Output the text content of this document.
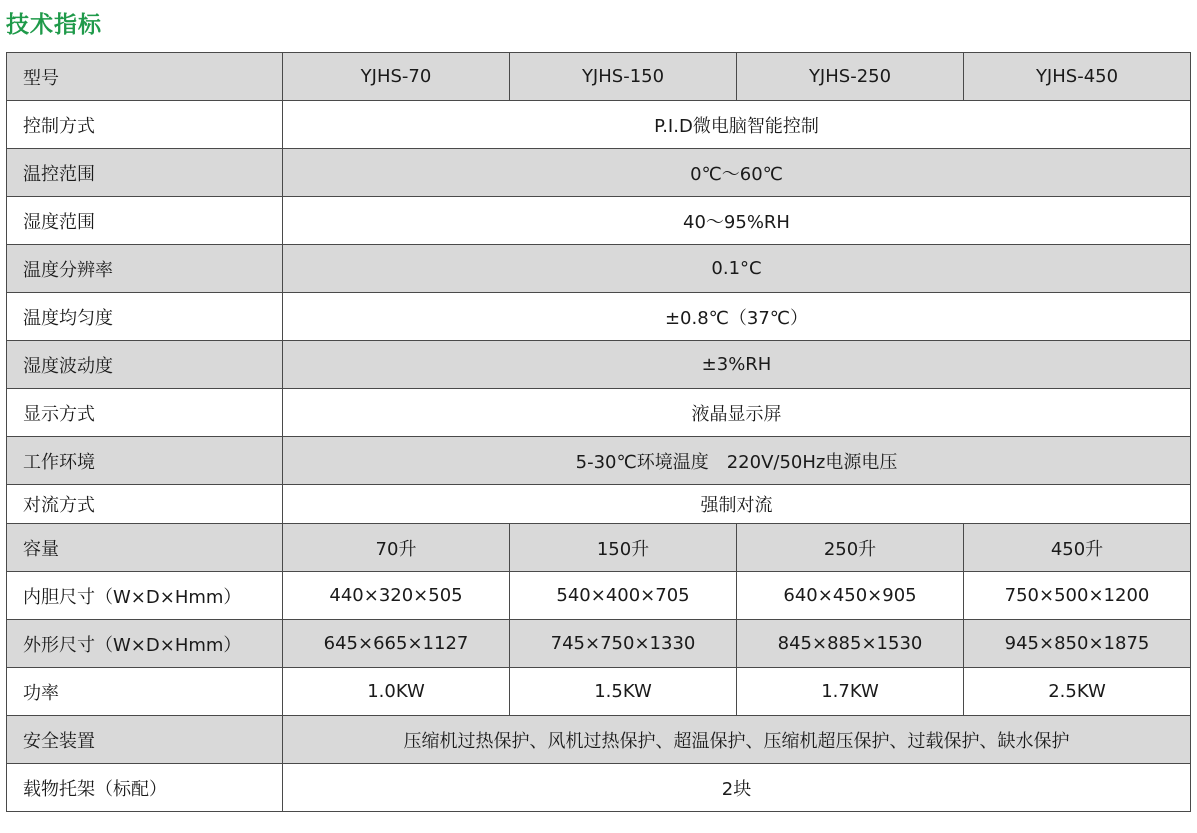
技术指标
型号	YJHS-70	YJHS-150	YJHS-250	YJHS-450
控制方式	P.I.D微电脑智能控制			
温控范围	0℃～60℃			
湿度范围	40～95%RH			
温度分辨率	0.1°C			
温度均匀度	±0.8℃（37℃）			
湿度波动度	±3%RH			
显示方式	液晶显示屏			
工作环境	5-30℃环境温度　220V/50Hz电源电压			
对流方式	强制对流			
容量	70升	150升	250升	450升
内胆尺寸（W×D×Hmm）	440×320×505	540×400×705	640×450×905	750×500×1200
外形尺寸（W×D×Hmm）	645×665×1127	745×750×1330	845×885×1530	945×850×1875
功率	1.0KW	1.5KW	1.7KW	2.5KW
安全装置	压缩机过热保护、风机过热保护、超温保护、压缩机超压保护、过载保护、缺水保护			
载物托架（标配）	2块			
